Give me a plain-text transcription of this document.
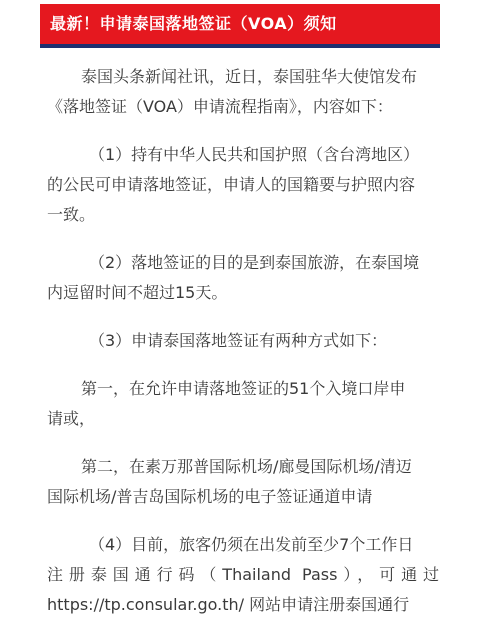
最新！申请泰国落地签证（VOA）须知
泰国头条新闻社讯，近日，泰国驻华大使馆发布
《落地签证（VOA）申请流程指南》，内容如下：
（1）持有中华人民共和国护照（含台湾地区）
的公民可申请落地签证，申请人的国籍要与护照内容
一致。
（2）落地签证的目的是到泰国旅游，在泰国境
内逗留时间不超过15天。
（3）申请泰国落地签证有两种方式如下：
第一，在允许申请落地签证的51个入境口岸申
请或，
第二，在素万那普国际机场/廊曼国际机场/清迈
国际机场/普吉岛国际机场的电子签证通道申请
（4）目前，旅客仍须在出发前至少7个工作日
注册泰国通行码（Thailand Pass），可通过
https://tp.consular.go.th/ 网站申请注册泰国通行
